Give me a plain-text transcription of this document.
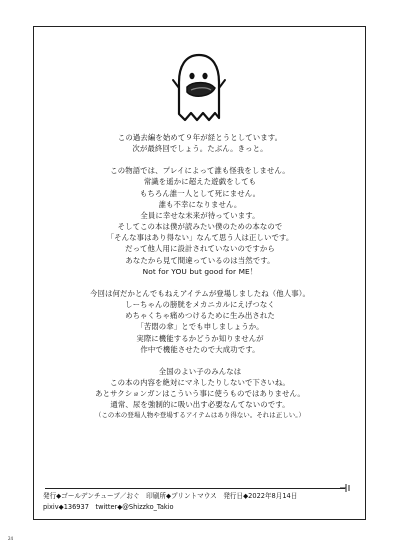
この過去編を始めて９年が経とうとしています。
次が最終回でしょう。たぶん。きっと。
この物語では、プレイによって誰も怪我をしません。
常識を遥かに超えた遊戯をしても
もちろん誰一人として死にません。
誰も不幸になりません。
全員に幸せな未来が待っています。
そしてこの本は僕が読みたい僕のための本なので
「そんな事はあり得ない」なんて思う人は正しいです。
だって他人用に設計されていないのですから
あなたから見て間違っているのは当然です。
Not for YOU but good for ME！
今回は何だかとんでもねえアイテムが登場しましたね（他人事）。
しーちゃんの膀胱をメカニカルにえげつなく
めちゃくちゃ痛めつけるために生み出された
「苦悶の傘」とでも申しましょうか。
実際に機能するかどうか知りませんが
作中で機能させたので大成功です。
全国のよい子のみんなは
この本の内容を絶対にマネしたりしないで下さいね。
あとサクションガンはこういう事に使うものではありません。
通常、尿を強制的に吸い出す必要なんてないのです。
（この本の登場人物や登場するアイテムはあり得ない。それは正しい。）
発行◆ゴールデンチューブ／おぐ　印刷所◆プリントマウス　発行日◆2022年8月14日
pixiv◆136937　twitter◆@Shizzko_Takio
24
